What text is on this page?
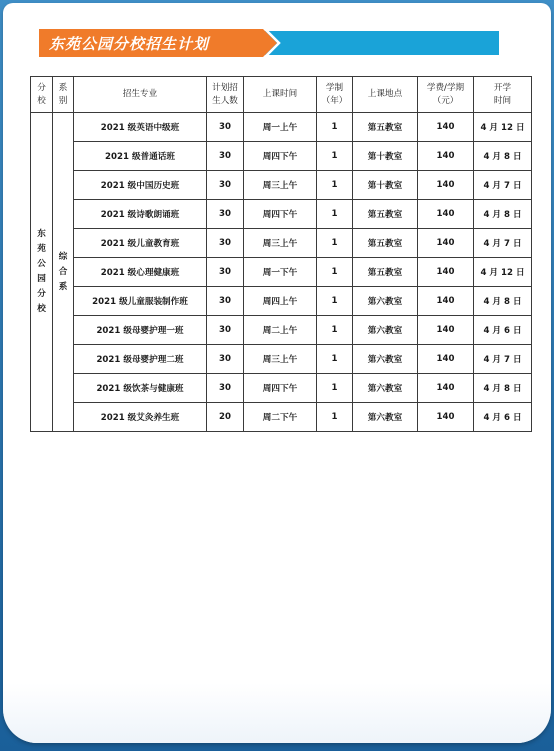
东苑公园分校招生计划
分校	系别	招生专业	计划招生人数	上课时间	学制（年）	上课地点	学费/学期（元）	开学时间
东苑公园分校	综合系	2021 级英语中级班	30	周一上午	1	第五教室	140	4 月 12 日
		2021 级普通话班	30	周四下午	1	第十教室	140	4 月 8 日
		2021 级中国历史班	30	周三上午	1	第十教室	140	4 月 7 日
		2021 级诗歌朗诵班	30	周四下午	1	第五教室	140	4 月 8 日
		2021 级儿童教育班	30	周三上午	1	第五教室	140	4 月 7 日
		2021 级心理健康班	30	周一下午	1	第五教室	140	4 月 12 日
		2021 级儿童服装制作班	30	周四上午	1	第六教室	140	4 月 8 日
		2021 级母婴护理一班	30	周二上午	1	第六教室	140	4 月 6 日
		2021 级母婴护理二班	30	周三上午	1	第六教室	140	4 月 7 日
		2021 级饮茶与健康班	30	周四下午	1	第六教室	140	4 月 8 日
		2021 级艾灸养生班	20	周二下午	1	第六教室	140	4 月 6 日
